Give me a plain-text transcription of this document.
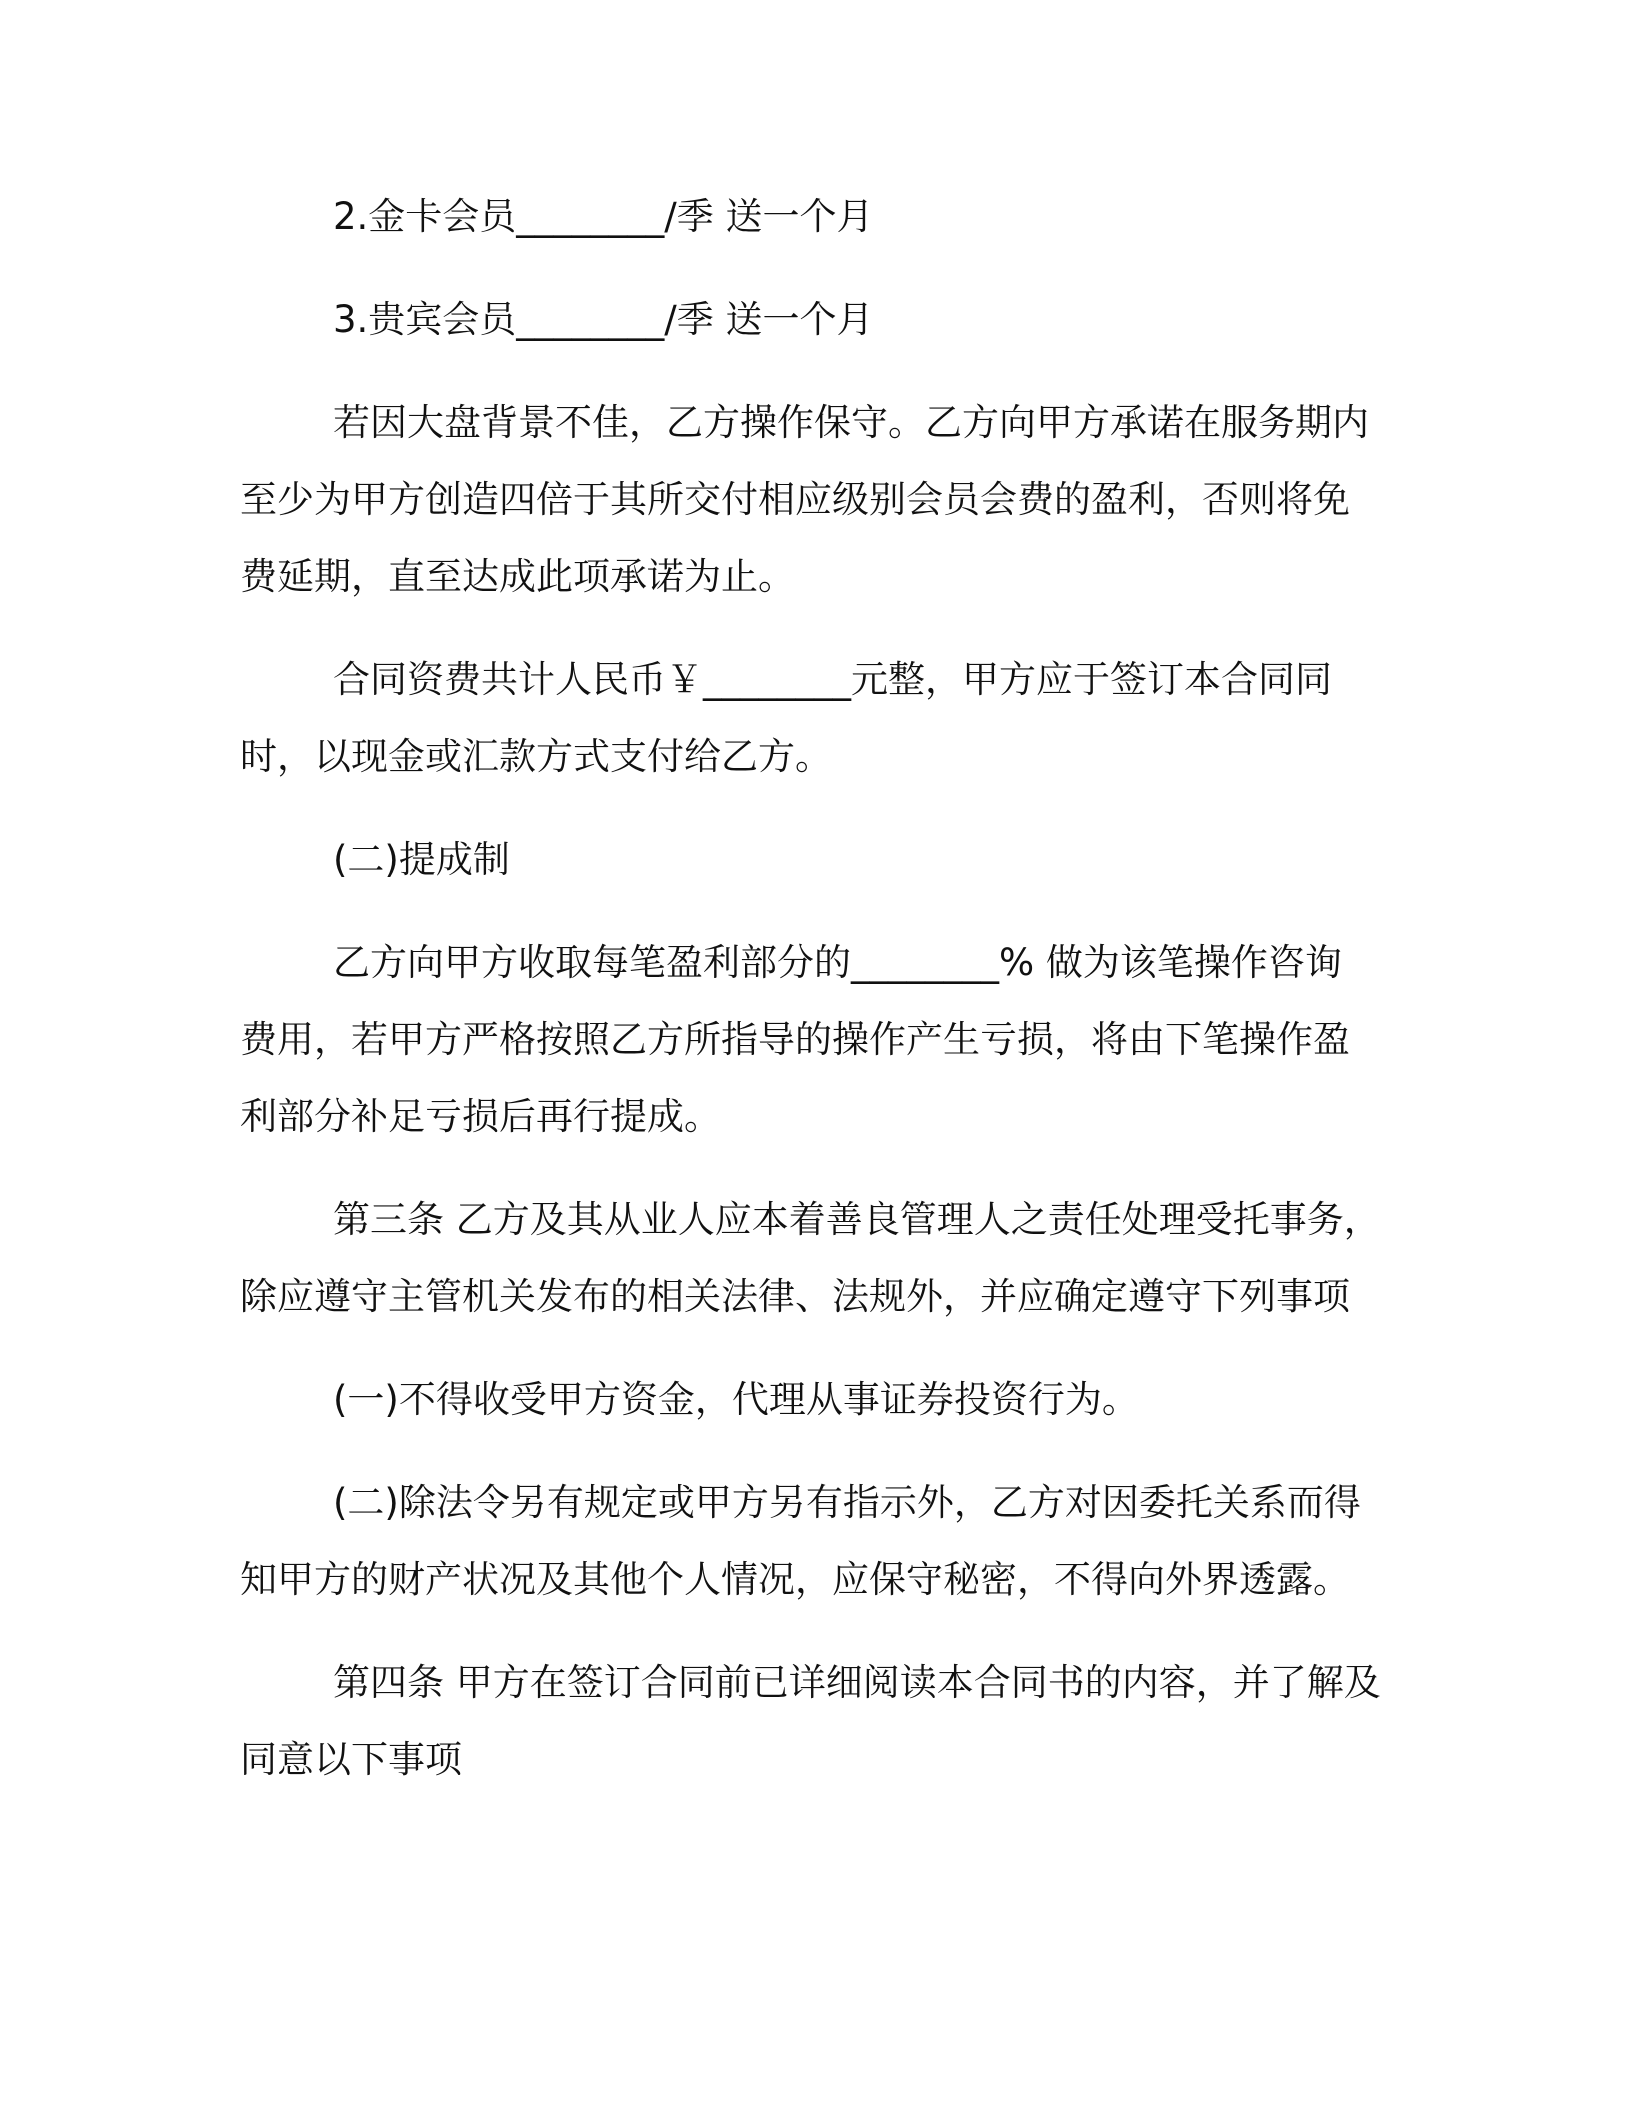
2.金卡会员________/季 送一个月
3.贵宾会员________/季 送一个月
若因大盘背景不佳，乙方操作保守。乙方向甲方承诺在服务期内
至少为甲方创造四倍于其所交付相应级别会员会费的盈利，否则将免
费延期，直至达成此项承诺为止。
合同资费共计人民币￥________元整，甲方应于签订本合同同
时，以现金或汇款方式支付给乙方。
(二)提成制
乙方向甲方收取每笔盈利部分的________% 做为该笔操作咨询
费用，若甲方严格按照乙方所指导的操作产生亏损，将由下笔操作盈
利部分补足亏损后再行提成。
第三条 乙方及其从业人应本着善良管理人之责任处理受托事务，
除应遵守主管机关发布的相关法律、法规外，并应确定遵守下列事项
(一)不得收受甲方资金，代理从事证券投资行为。
(二)除法令另有规定或甲方另有指示外，乙方对因委托关系而得
知甲方的财产状况及其他个人情况，应保守秘密，不得向外界透露。
第四条 甲方在签订合同前已详细阅读本合同书的内容，并了解及
同意以下事项
